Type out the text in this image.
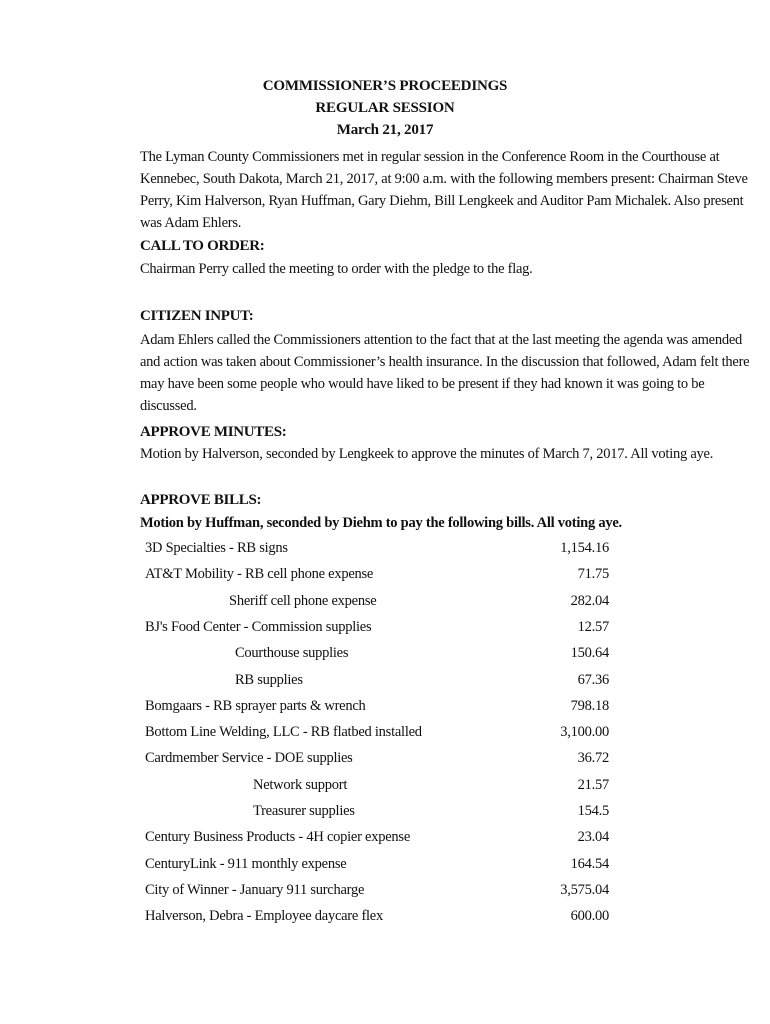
COMMISSIONER’S PROCEEDINGS
REGULAR SESSION
March 21, 2017
The Lyman County Commissioners met in regular session in the Conference Room in the Courthouse at Kennebec, South Dakota, March 21, 2017, at 9:00 a.m. with the following members present: Chairman Steve Perry, Kim Halverson, Ryan Huffman, Gary Diehm, Bill Lengkeek and Auditor Pam Michalek. Also present was Adam Ehlers.
CALL TO ORDER:
Chairman Perry called the meeting to order with the pledge to the flag.
CITIZEN INPUT:
Adam Ehlers called the Commissioners attention to the fact that at the last meeting the agenda was amended and action was taken about Commissioner’s health insurance. In the discussion that followed, Adam felt there may have been some people who would have liked to be present if they had known it was going to be discussed.
APPROVE MINUTES:
Motion by Halverson, seconded by Lengkeek to approve the minutes of March 7, 2017. All voting aye.
APPROVE BILLS:
Motion by Huffman, seconded by Diehm to pay the following bills. All voting aye.
3D Specialties - RB signs	1,154.16
AT&T Mobility - RB cell phone expense	71.75
Sheriff cell phone expense	282.04
BJ's Food Center - Commission supplies	12.57
Courthouse supplies	150.64
RB supplies	67.36
Bomgaars - RB sprayer parts & wrench	798.18
Bottom Line Welding, LLC - RB flatbed installed	3,100.00
Cardmember Service - DOE supplies	36.72
Network support	21.57
Treasurer supplies	154.5
Century Business Products - 4H copier expense	23.04
CenturyLink - 911 monthly expense	164.54
City of Winner - January 911 surcharge	3,575.04
Halverson, Debra - Employee daycare flex	600.00
